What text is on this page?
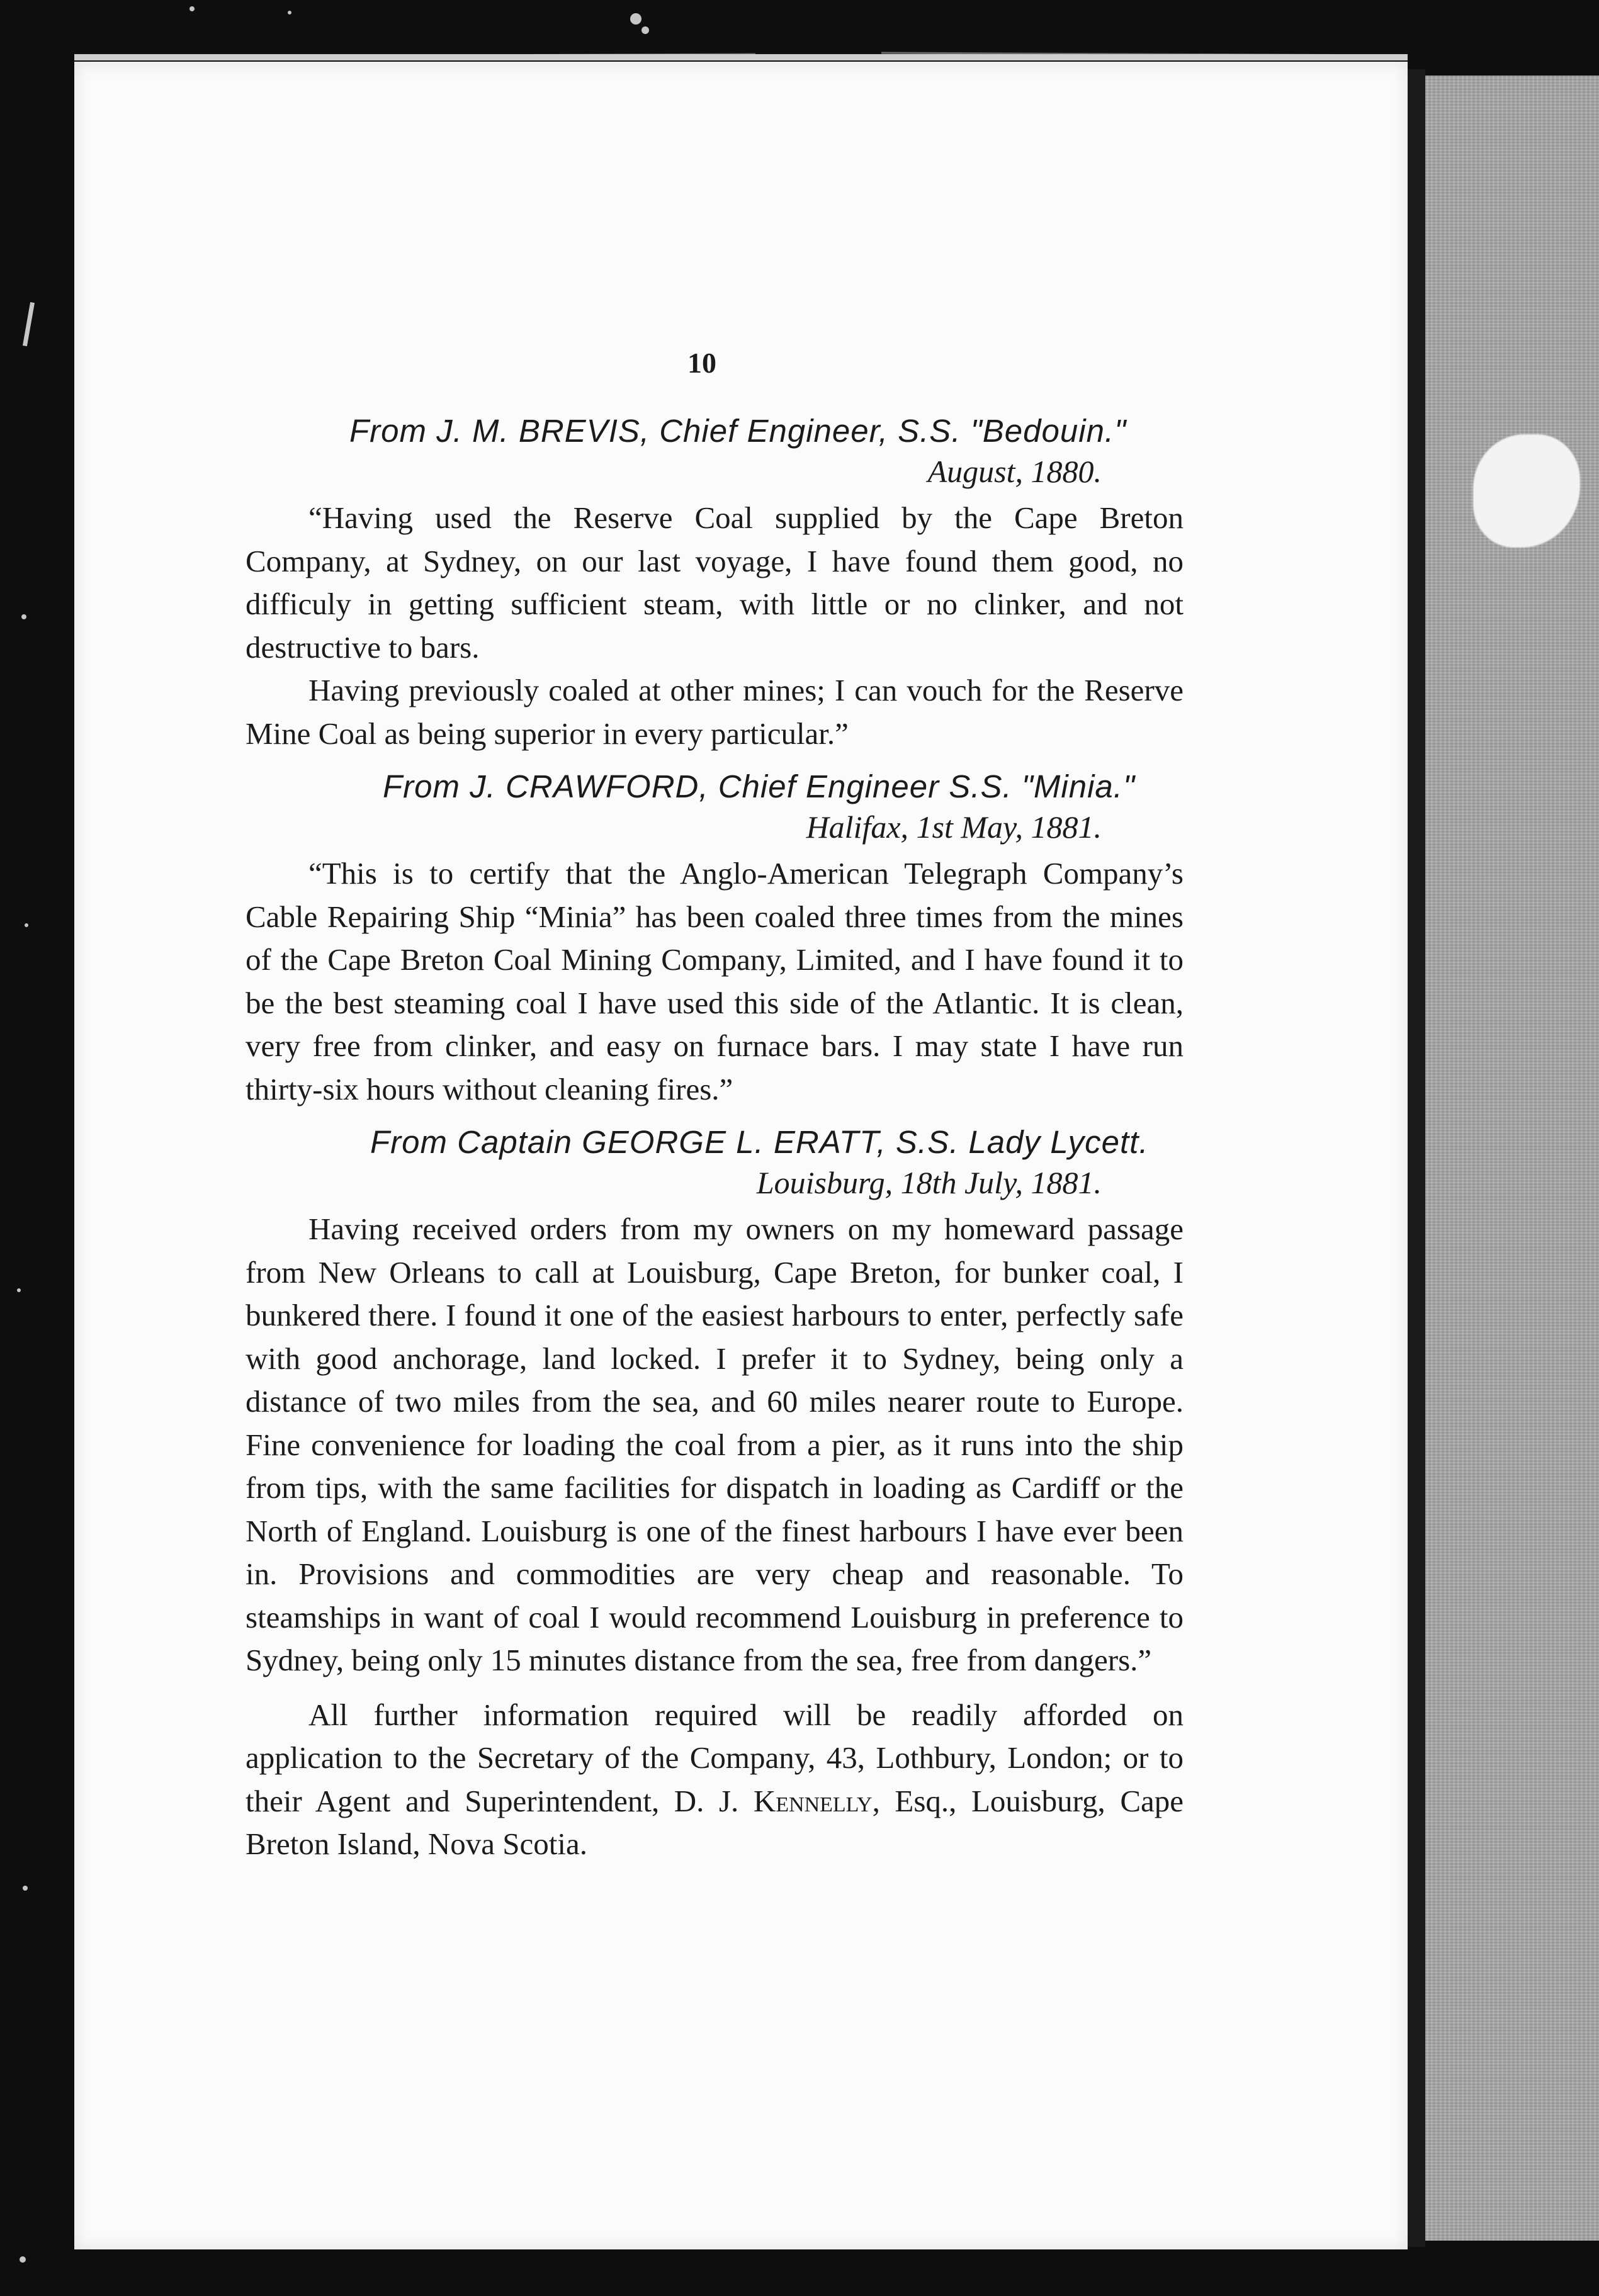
10

From J. M. BREVIS, Chief Engineer, S.S. "Bedouin."

August, 1880.

“Having used the Reserve Coal supplied by the Cape Breton Company, at Sydney, on our last voyage, I have found them good, no difficuly in getting sufficient steam, with little or no clinker, and not destructive to bars.

Having previously coaled at other mines; I can vouch for the Reserve Mine Coal as being superior in every particular.”

From J. CRAWFORD, Chief Engineer S.S. "Minia."

Halifax, 1st May, 1881.

“This is to certify that the Anglo-American Telegraph Company’s Cable Repairing Ship “Minia” has been coaled three times from the mines of the Cape Breton Coal Mining Company, Limited, and I have found it to be the best steaming coal I have used this side of the Atlantic. It is clean, very free from clinker, and easy on furnace bars. I may state I have run thirty-six hours without cleaning fires.”

From Captain GEORGE L. ERATT, S.S. Lady Lycett.

Louisburg, 18th July, 1881.

Having received orders from my owners on my homeward passage from New Orleans to call at Louisburg, Cape Breton, for bunker coal, I bunkered there. I found it one of the easiest harbours to enter, perfectly safe with good anchorage, land locked. I prefer it to Sydney, being only a distance of two miles from the sea, and 60 miles nearer route to Europe. Fine convenience for loading the coal from a pier, as it runs into the ship from tips, with the same facilities for dispatch in loading as Cardiff or the North of England. Louisburg is one of the finest harbours I have ever been in. Provisions and commodities are very cheap and reasonable. To steamships in want of coal I would recommend Louisburg in preference to Sydney, being only 15 minutes distance from the sea, free from dangers.”

All further information required will be readily afforded on application to the Secretary of the Company, 43, Lothbury, London; or to their Agent and Superintendent, D. J. Kennelly, Esq., Louisburg, Cape Breton Island, Nova Scotia.
